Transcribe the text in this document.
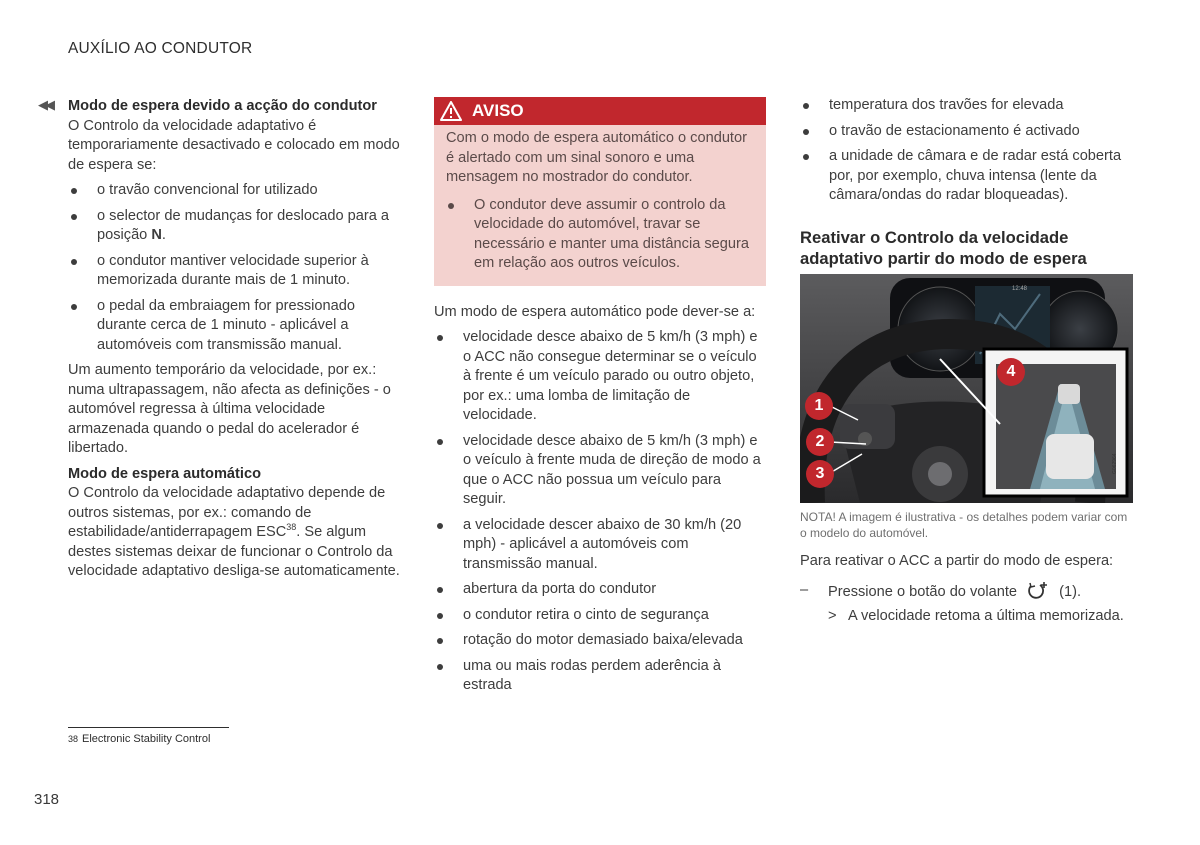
AUXÍLIO AO CONDUTOR
◀◀ Modo de espera devido a acção do condutor

O Controlo da velocidade adaptativo é temporariamente desactivado e colocado em modo de espera se:

o travão convencional for utilizado
o selector de mudanças for deslocado para a posição N.
o condutor mantiver velocidade superior à memorizada durante mais de 1 minuto.
o pedal da embraiagem for pressionado durante cerca de 1 minuto - aplicável a automóveis com transmissão manual.

Um aumento temporário da velocidade, por ex.: numa ultrapassagem, não afecta as definições - o automóvel regressa à última velocidade armazenada quando o pedal do acelerador é libertado.

Modo de espera automático

O Controlo da velocidade adaptativo depende de outros sistemas, por ex.: comando de estabilidade/antiderrapagem ESC$^{38}$. Se algum destes sistemas deixar de funcionar o Controlo da velocidade adaptativo desliga-se automaticamente.

AVISO

Com o modo de espera automático o condutor é alertado com um sinal sonoro e uma mensagem no mostrador do condutor.

O condutor deve assumir o controlo da velocidade do automóvel, travar se necessário e manter uma distância segura em relação aos outros veículos.

Um modo de espera automático pode dever-se a:

velocidade desce abaixo de 5 km/h (3 mph) e o ACC não consegue determinar se o veículo à frente é um veículo parado ou outro objeto, por ex.: uma lomba de limitação de velocidade.
velocidade desce abaixo de 5 km/h (3 mph) e o veículo à frente muda de direção de modo a que o ACC não possua um veículo para seguir.
a velocidade descer abaixo de 30 km/h (20 mph) - aplicável a automóveis com transmissão manual.
abertura da porta do condutor
o condutor retira o cinto de segurança
rotação do motor demasiado baixa/elevada
uma ou mais rodas perdem aderência à estrada
temperatura dos travões for elevada
o travão de estacionamento é activado
a unidade de câmara e de radar está coberta por, por exemplo, chuva intensa (lente da câmara/ondas do radar bloqueadas).

Reativar o Controlo da velocidade adaptativo partir do modo de espera

12:48
76
G062964
1
2
3
4

NOTA! A imagem é ilustrativa - os detalhes podem variar com o modelo do automóvel.

Para reativar o ACC a partir do modo de espera:

– Pressione o botão do volante	(1).
> A velocidade retoma a última memorizada.
38 Electronic Stability Control
318
